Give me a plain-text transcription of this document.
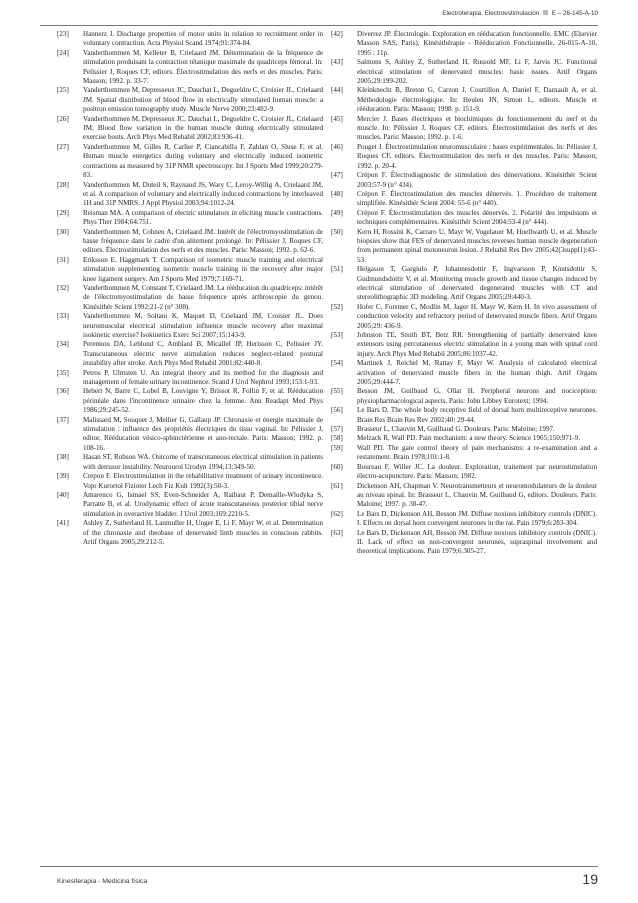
Electroterapia. Electroestimulación E – 26-145-A-10
[23]	Hannerz J. Discharge properties of motor units in relation to recruitment order in voluntary contraction. Acta Physiol Scand 1974;91:374-84.
[24]	Vanderthommen M, Kelleter B, Crielaard JM. Détermination de la fréquence de stimulation produisant la contraction tétanique maximale du quadriceps fémoral. In: Pelissier J, Roques CF, editors. Électrostimulation des nerfs et des muscles. Paris: Masson; 1992. p. 33-7.
[25]	Vanderthommen M, Depresseux JC, Dauchat L, Degueldre C, Croisier JL, Crielaard JM. Spatial distribution of blood flow in electrically stimulated human muscle: a positron emission tomography study. Muscle Nerve 2000;23:482-9.
[26]	Vanderthommen M, Depresseux JC, Dauchat L, Degueldre C, Croisier JL, Crielaard JM. Blood flow variation in the human muscle during electrically stimulated exercise bouts. Arch Phys Med Rehabil 2002;83:936-41.
[27]	Vanderthommen M, Gilles R, Carlier P, Ciancabilla F, Zahlan O, Sluse F, et al. Human muscle energetics during voluntary and electrically induced isometric contractions as measured by 31P NMR spectroscopy. Int J Sports Med 1999;20:279-83.
[28]	Vanderthommen M, Duteil S, Raynaud JS, Wary C, Leroy-Willig A, Crielaard JM, et al. A comparison of voluntary and electrically induced contractions by interleaved 1H and 31P NMRS. J Appl Physiol 2003;94:1012-24.
[29]	Reisman MA. A comparison of electric stimulators in eliciting muscle contractions. Phys Ther 1984;64:751.
[30]	Vanderthommen M, Cohnen A, Crielaard JM. Intérêt de l'électromyostimulation de basse fréquence dans le cadre d'un alitement prolongé. In: Pélissier J, Roques CF, editors. Électrostimulation des nerfs et des muscles. Paris: Masson; 1992. p. 62-6.
[31]	Eriksson E, Haggmark T. Comparison of isometric muscle training and electrical stimulation supplementing isometric muscle training in the recovery after major knee ligament surgery. Am J Sports Med 1979;7:169-71.
[32]	Vanderthommen M, Constant T, Crielaard JM. La rééducation du quadriceps: intérêt de l'électromyostimulation de basse fréquence après arthroscopie du genou. Kinésithér Scient 1992;21-2 (n° 308).
[33]	Vanderthommen M, Soltani K, Maquet D, Crielaard JM, Croisier JL. Does neuromuscular electrical stimulation influence muscle recovery after maximal isokinetic exercise? Isokinetics Exerc Sci 2007;15:143-9.
[34]	Perennou DA, Leblond C, Amblard B, Micallef JP, Herisson C, Pelissier JY. Transcutaneous electric nerve stimulation reduces neglect-related postural instability after stroke. Arch Phys Med Rehabil 2001;82:440-8.
[35]	Petros P, Ulmsten U. An integral theory and its method for the diagnosis and management of female urinary incontinence. Scand J Urol Nephrol 1993;153:1-93.
[36]	Hebert N, Barre C, Lobel B, Louvigne Y, Brissot R, Follin F, et al. Rééducation périnéale dans l'incontinence urinaire chez la femme. Ann Readapt Med Phys 1986;29:245-52.
[37]	Malissard M, Souquet J, Mellier G, Gallaup JP. Chronaxie et énergie maximale de stimulation : influence des propriétés électriques du tissu vaginal. In: Pélissier J, editor. Rééducation vésico-sphinctérienne et ano-rectale. Paris: Masson; 1992. p. 108-16.
[38]	Hasan ST, Robson WA. Outcome of transcutaneous electrical stimulation in patients with detrusor instability. Neurourol Urodyn 1994;13:349-50.
[39]	Crepon F. Electrostimulation in the rehabilitative treatment of urinary incontinence. Vopr Kurortol Fizioter Lech Fiz Kult 1992(3):50-3.
[40]	Amarenco G, Ismael SS, Even-Schneider A, Raibaut P, Demaille-Wlodyka S, Parratte B, et al. Urodynamic effect of acute transcutaneous posterior tibial nerve stimulation in overactive bladder. J Urol 2003;169:2210-5.
[41]	Ashley Z, Sutherland H, Lanmuller H, Unger E, Li F, Mayr W, et al. Determination of the chronaxie and rheobase of denervated limb muscles in conscious rabbits. Artif Organs 2005;29:212-5.
[42]	Diverrez JP. Électrologie. Exploration en rééducation fonctionnelle. EMC (Elsevier Masson SAS, Paris), Kinésithérapie - Rééducation Fonctionnelle, 26-015-A-10, 1995 : 11p.
[43]	Salmons S, Ashley Z, Sutherland H, Russold MF, Li F, Jarvis JC. Functional electrical stimulation of denervated muscles: basic issues. Artif Organs 2005;29:199-202.
[44]	Kleinknecht B, Breton G, Carzon J, Courtillon A, Daniel F, Darnault A, et al. Méthodologie électrologique. In: Heuleu JN, Simon L, editors. Muscle et rééducation. Paris: Masson; 1998. p. 151-9.
[45]	Mercier J. Bases électriques et biochimiques du fonctionnement du nerf et du muscle. In: Pélissier J, Roques CF, editors. Électrostimulation des nerfs et des muscles. Paris: Masson; 1992. p. 1-6.
[46]	Pouget J. Électrostimulation neuromusculaire : bases expérimentales. In: Pélissier J, Roques CF, editors. Électrostimulation des nerfs et des muscles. Paris: Masson; 1992. p. 20-4.
[47]	Crépon F. Électrodiagnostic de stimulation des dénervations. Kinésithér Scient 2003:57-9 (n° 434).
[48]	Crépon F. Électrostimulation des muscles dénervés. 1. Procédure de traitement simplifiée. Kinésithér Scient 2004: 55-6 (n° 440).
[49]	Crépon F. Électrostimulation des muscles dénervés. 2. Polarité des impulsions et techniques complémentaires. Kinésithér Scient 2004:53-4 (n° 444).
[50]	Kern H, Rossini K, Carraro U, Mayr W, Vogelauer M, Hoellwarth U, et al. Muscle biopsies show that FES of denervated muscles reverses human muscle degeneration from permanent spinal motoneuron lesion. J Rehabil Res Dev 2005;42(3suppl1):43-53.
[51]	Helgason T, Gargiulo P, Johannesdottir F, Ingvarsson P, Knutsdottir S, Gudmundsdottir V, et al. Monitoring muscle growth and tissue changes induced by electrical stimulation of denervated degenerated muscles with CT and stereolithographic 3D modeling. Artif Organs 2005;29:440-3.
[52]	Hofer C, Forstner C, Modlin M, Jager H, Mayr W, Kern H. In vivo assessment of conduction velocity and refractory period of denervated muscle fibers. Artif Organs 2005;29: 436-9.
[53]	Johnston TE, Smith BT, Betz RR. Strengthening of partially denervated knee extensors using percutaneous electric stimulation in a young man with spinal cord injury. Arch Phys Med Rehabil 2005;86:1037-42.
[54]	Martinek J, Reichel M, Rattay F, Mayr W. Analysis of calculated electrical activation of denervated muscle fibers in the human thigh. Artif Organs 2005;29:444-7.
[55]	Besson JM, Guilbaud G, Ollat H. Peripheral neurons and nociception: physiopharmacological aspects. Paris: John Libbey Eurotext; 1994.
[56]	Le Bars D. The whole body receptive field of dorsal horn multireceptive neurones. Brain Res Brain Res Rev 2002;40: 29-44.
[57]	Brasseur L, Chauvin M, Guilbaud G. Douleurs. Paris: Maloine; 1997.
[58]	Melzack R, Wall PD. Pain mechanism: a new theory. Science 1965;150:971-9.
[59]	Wall PD. The gate control theory of pain mechanisms: a re-examination and a restatement. Brain 1978;101:1-8.
[60]	Boureau F, Willer JC. La douleur. Exploration, traitement par neurostimulation électro-acupuncture. Paris: Masson; 1982.
[61]	Dickenson AH, Chapman V. Neurotransmetteurs et neuromodulateurs de la douleur au niveau spinal. In: Brasseur L, Chauvin M, Guilbaud G, editors. Douleurs. Paris: Maloine; 1997. p. 38-47.
[62]	Le Bars D, Dickenson AH, Besson JM. Diffuse noxious inhibitory controls (DNIC). I. Effects on dorsal horn convergent neurones in the rat. Pain 1979;6:283-304.
[63]	Le Bars D, Dickenson AH, Besson JM. Diffuse noxious inhibitory controls (DNIC). II. Lack of effect on non-convergent neurones, supraspinal involvement and theoretical implications. Pain 1979;6:305-27.
Kinesiterapia - Medicina física	19
